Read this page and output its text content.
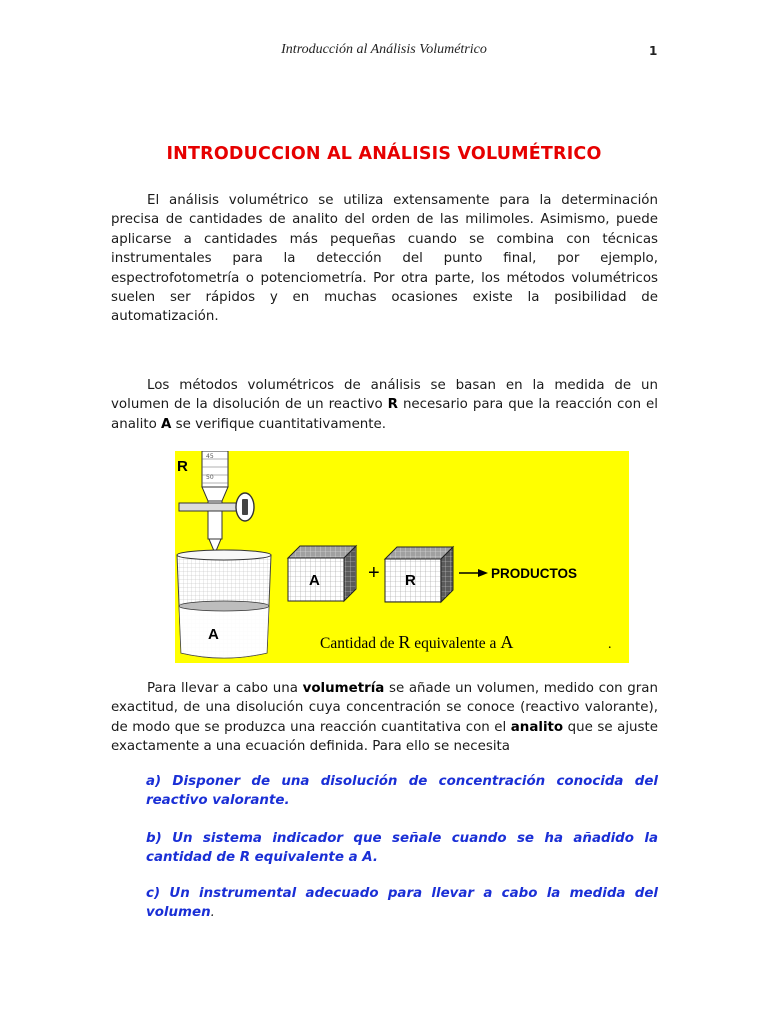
Introducción al Análisis Volumétrico	1
INTRODUCCION AL ANÁLISIS VOLUMÉTRICO
El análisis volumétrico se utiliza extensamente para la determinación precisa de cantidades de analito del orden de las milimoles. Asimismo, puede aplicarse a cantidades más pequeñas cuando se combina con técnicas instrumentales para la detección del punto final, por ejemplo, espectrofotometría o potenciometría. Por otra parte, los métodos volumétricos suelen ser rápidos y en muchas ocasiones existe la posibilidad de automatización.
Los métodos volumétricos de análisis se basan en la medida de un volumen de la disolución de un reactivo R necesario para que la reacción con el analito A se verifique cuantitativamente.
45
50
R
A
A + R	PRODUCTOS
Cantidad de R equivalente a A	.
Para llevar a cabo una volumetría se añade un volumen, medido con gran exactitud, de una disolución cuya concentración se conoce (reactivo valorante), de modo que se produzca una reacción cuantitativa con el analito que se ajuste exactamente a una ecuación definida. Para ello se necesita
a) Disponer de una disolución de concentración conocida del reactivo valorante.
b) Un sistema indicador que señale cuando se ha añadido la cantidad de R equivalente a A.
c) Un instrumental adecuado para llevar a cabo la medida del volumen.
